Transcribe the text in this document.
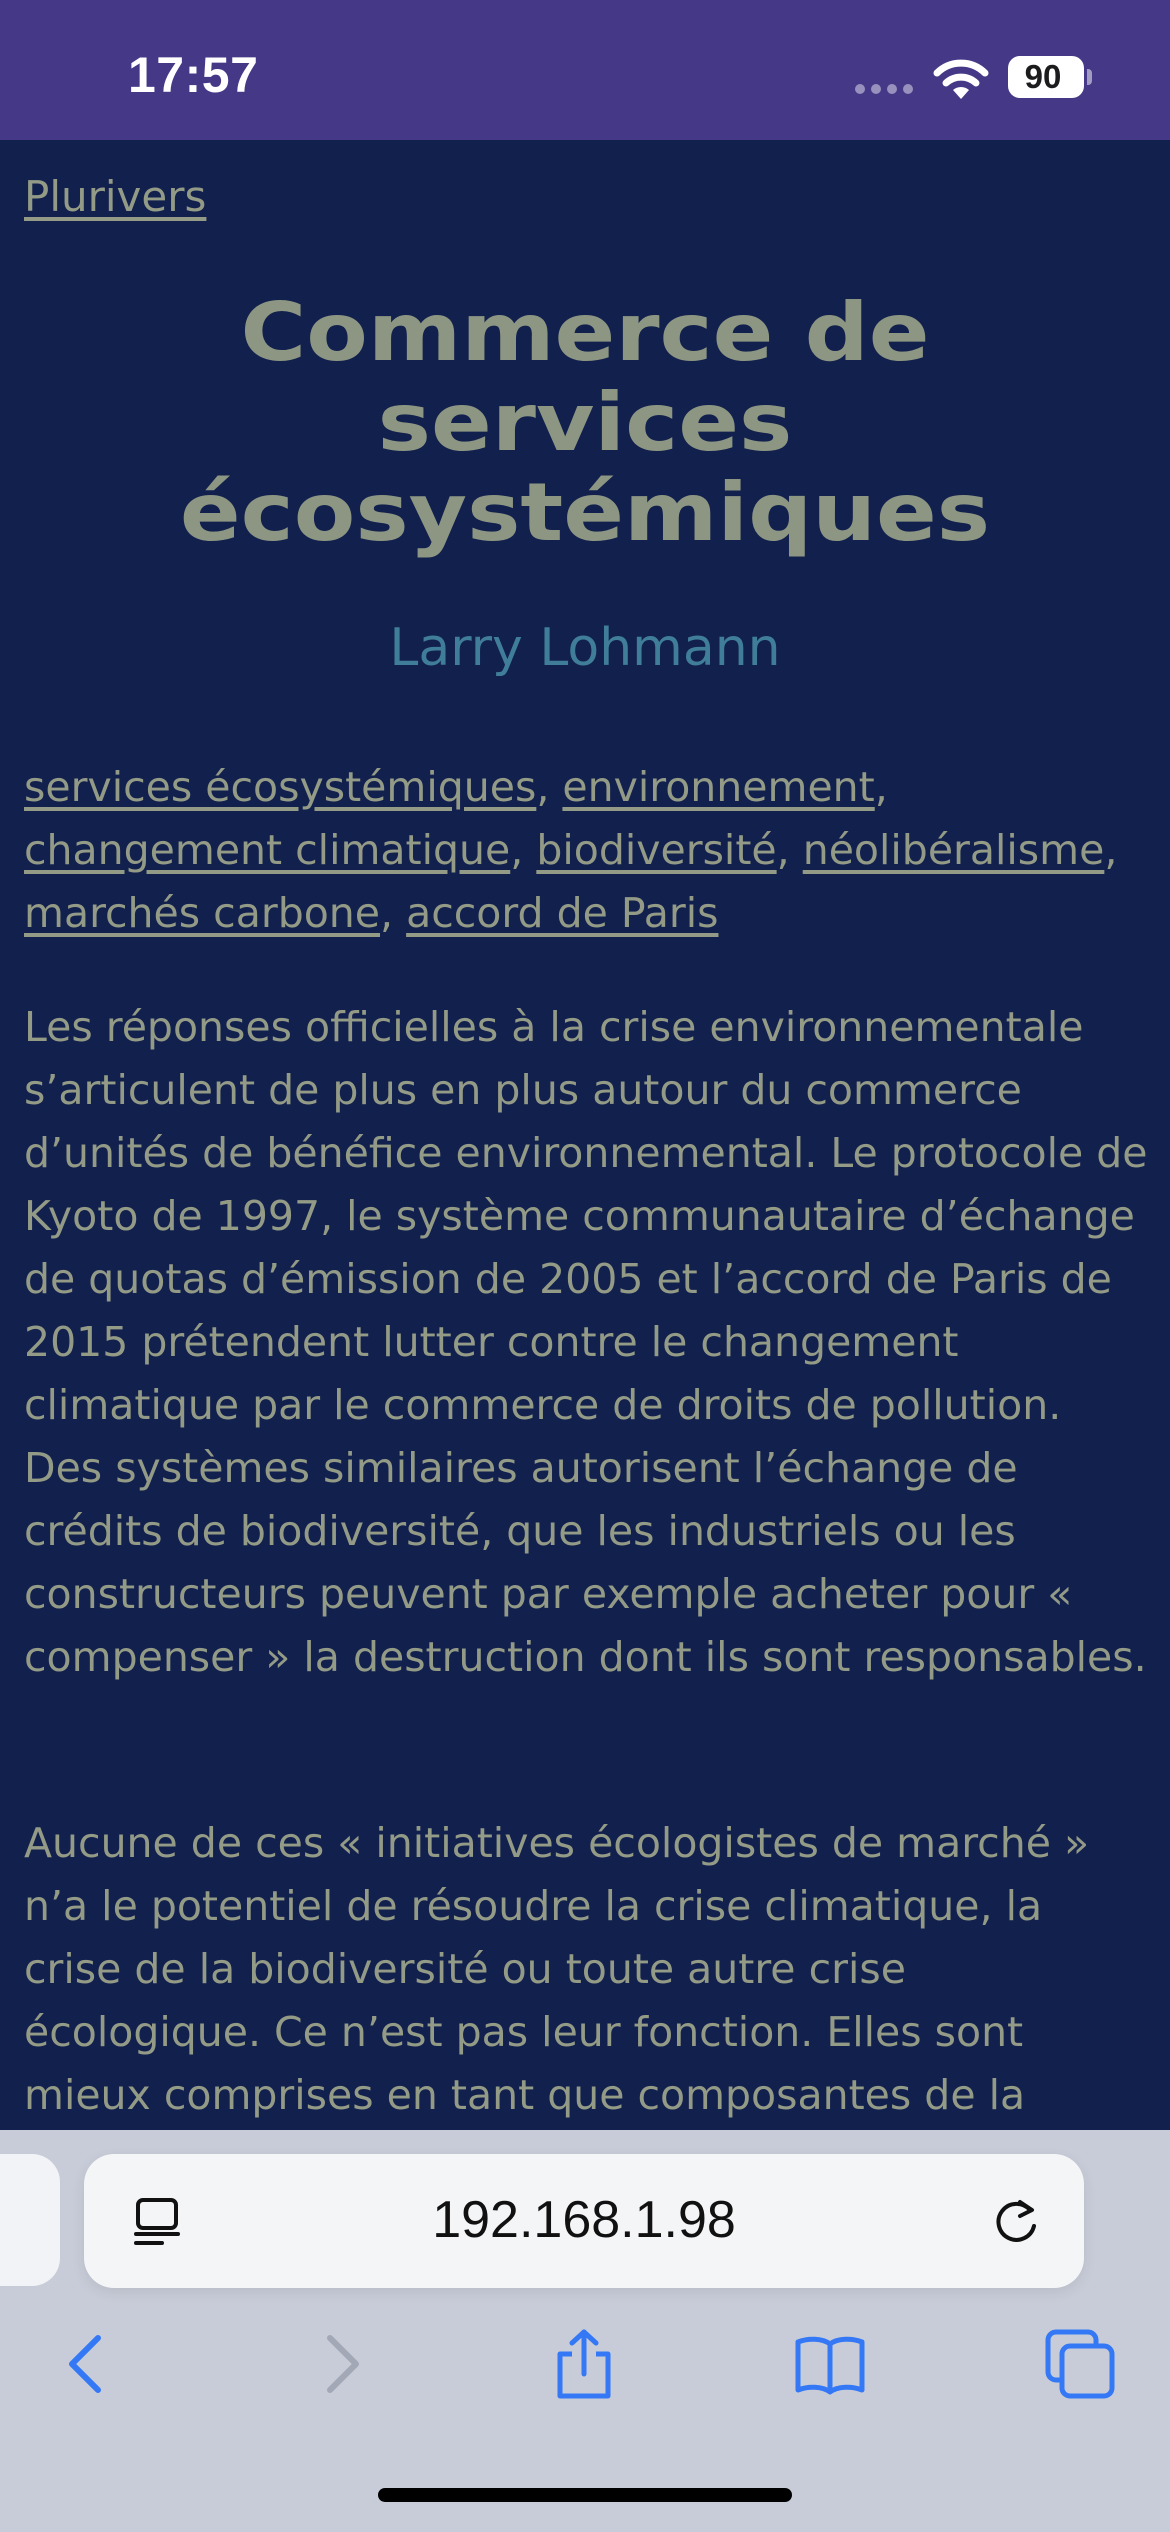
17:57	90
Plurivers
Commerce de
services
écosystémiques
Larry Lohmann
services écosystémiques, environnement, changement climatique, biodiversité, néolibéralisme, marchés carbone, accord de Paris

Les réponses officielles à la crise environnementale s’articulent de plus en plus autour du commerce d’unités de bénéfice environnemental. Le protocole de Kyoto de 1997, le système communautaire d’échange de quotas d’émission de 2005 et l’accord de Paris de 2015 prétendent lutter contre le changement climatique par le commerce de droits de pollution. Des systèmes similaires autorisent l’échange de crédits de biodiversité, que les industriels ou les constructeurs peuvent par exemple acheter pour « compenser » la destruction dont ils sont responsables.

Aucune de ces « initiatives écologistes de marché » n’a le potentiel de résoudre la crise climatique, la crise de la biodiversité ou toute autre crise écologique. Ce n’est pas leur fonction. Elles sont mieux comprises en tant que composantes de la

192.168.1.98
